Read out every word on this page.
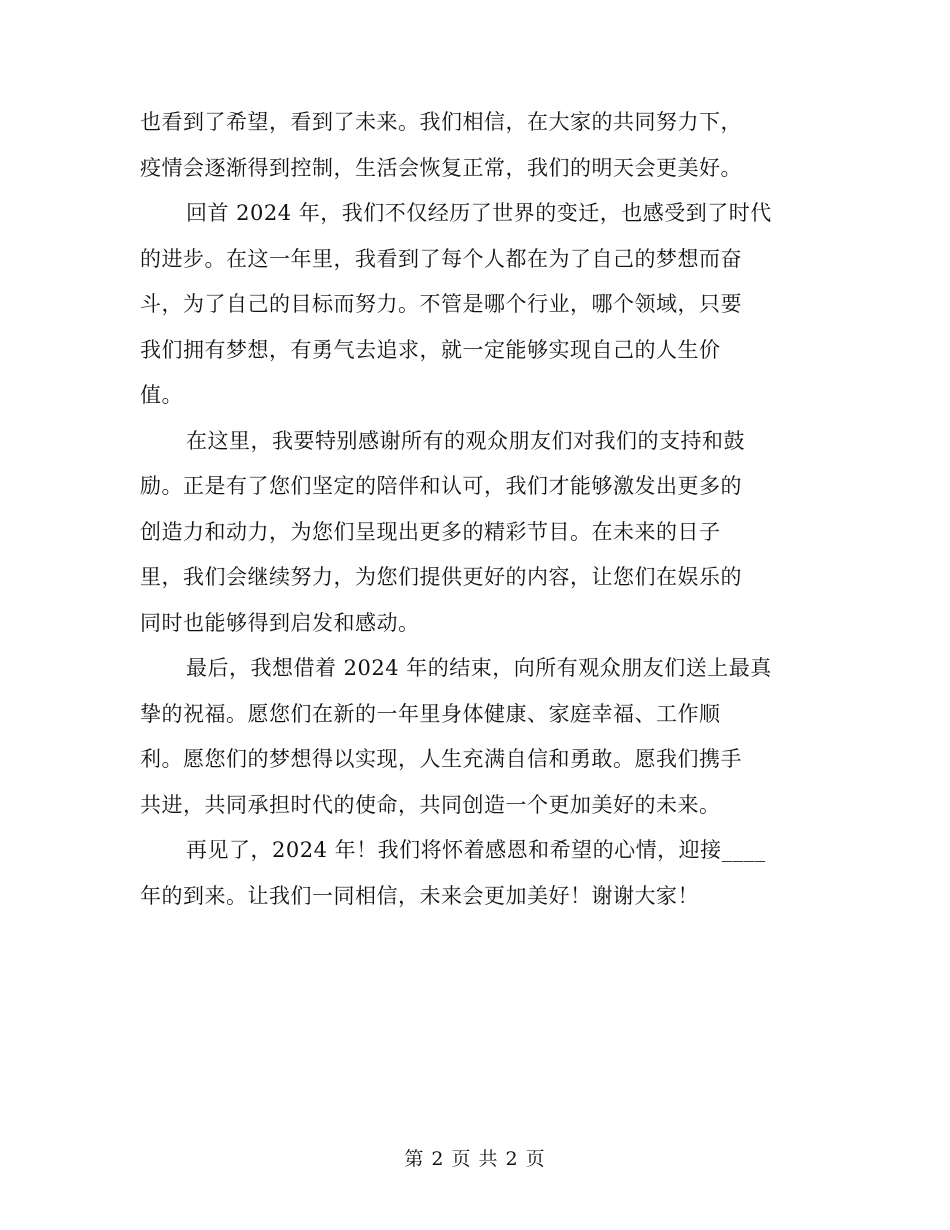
也看到了希望，看到了未来。我们相信，在大家的共同努力下，
疫情会逐渐得到控制，生活会恢复正常，我们的明天会更美好。
回首 2024 年，我们不仅经历了世界的变迁，也感受到了时代
的进步。在这一年里，我看到了每个人都在为了自己的梦想而奋
斗，为了自己的目标而努力。不管是哪个行业，哪个领域，只要
我们拥有梦想，有勇气去追求，就一定能够实现自己的人生价
值。
在这里，我要特别感谢所有的观众朋友们对我们的支持和鼓
励。正是有了您们坚定的陪伴和认可，我们才能够激发出更多的
创造力和动力，为您们呈现出更多的精彩节目。在未来的日子
里，我们会继续努力，为您们提供更好的内容，让您们在娱乐的
同时也能够得到启发和感动。
最后，我想借着 2024 年的结束，向所有观众朋友们送上最真
挚的祝福。愿您们在新的一年里身体健康、家庭幸福、工作顺
利。愿您们的梦想得以实现，人生充满自信和勇敢。愿我们携手
共进，共同承担时代的使命，共同创造一个更加美好的未来。
再见了，2024 年！我们将怀着感恩和希望的心情，迎接____
年的到来。让我们一同相信，未来会更加美好！谢谢大家！
第 2 页 共 2 页
